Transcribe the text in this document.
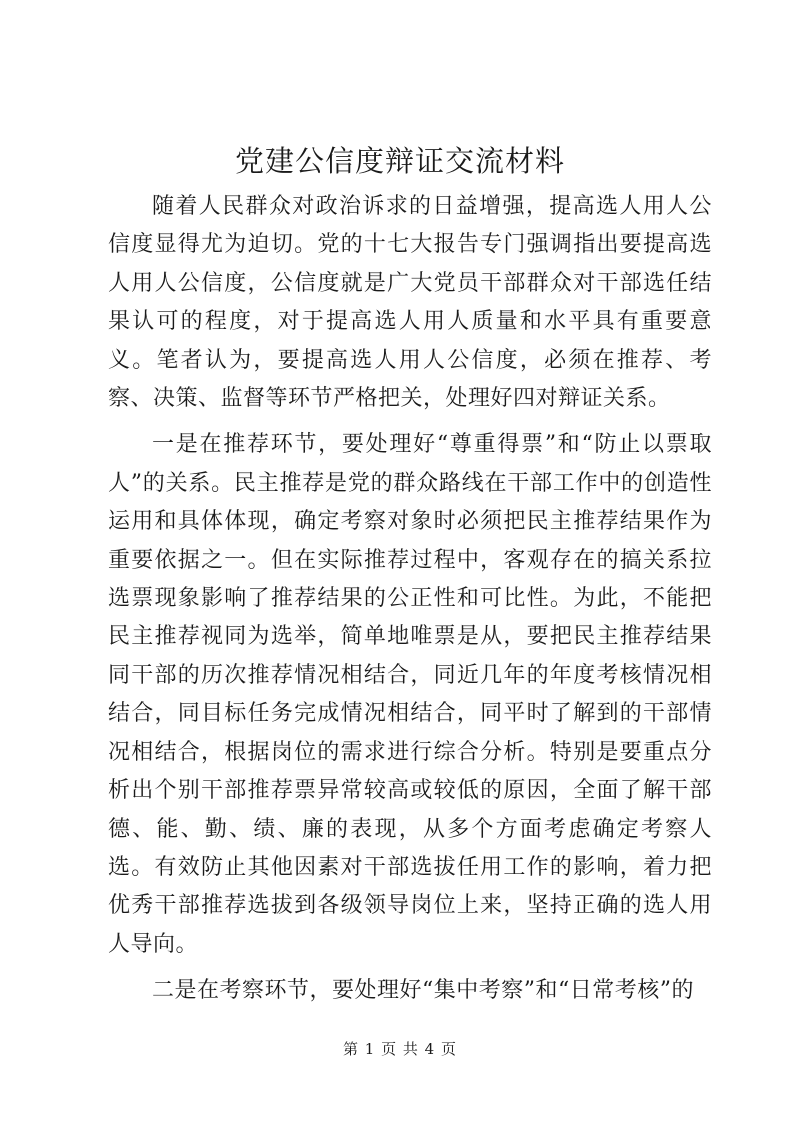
党建公信度辩证交流材料

随着人民群众对政治诉求的日益增强，提高选人用人公信度显得尤为迫切。党的十七大报告专门强调指出要提高选人用人公信度，公信度就是广大党员干部群众对干部选任结果认可的程度，对于提高选人用人质量和水平具有重要意义。笔者认为，要提高选人用人公信度，必须在推荐、考察、决策、监督等环节严格把关，处理好四对辩证关系。

一是在推荐环节，要处理好“尊重得票”和“防止以票取人”的关系。民主推荐是党的群众路线在干部工作中的创造性运用和具体体现，确定考察对象时必须把民主推荐结果作为重要依据之一。但在实际推荐过程中，客观存在的搞关系拉选票现象影响了推荐结果的公正性和可比性。为此，不能把民主推荐视同为选举，简单地唯票是从，要把民主推荐结果同干部的历次推荐情况相结合，同近几年的年度考核情况相结合，同目标任务完成情况相结合，同平时了解到的干部情况相结合，根据岗位的需求进行综合分析。特别是要重点分析出个别干部推荐票异常较高或较低的原因，全面了解干部德、能、勤、绩、廉的表现，从多个方面考虑确定考察人选。有效防止其他因素对干部选拔任用工作的影响，着力把优秀干部推荐选拔到各级领导岗位上来，坚持正确的选人用人导向。

二是在考察环节，要处理好“集中考察”和“日常考核”的

第 1 页 共 4 页
